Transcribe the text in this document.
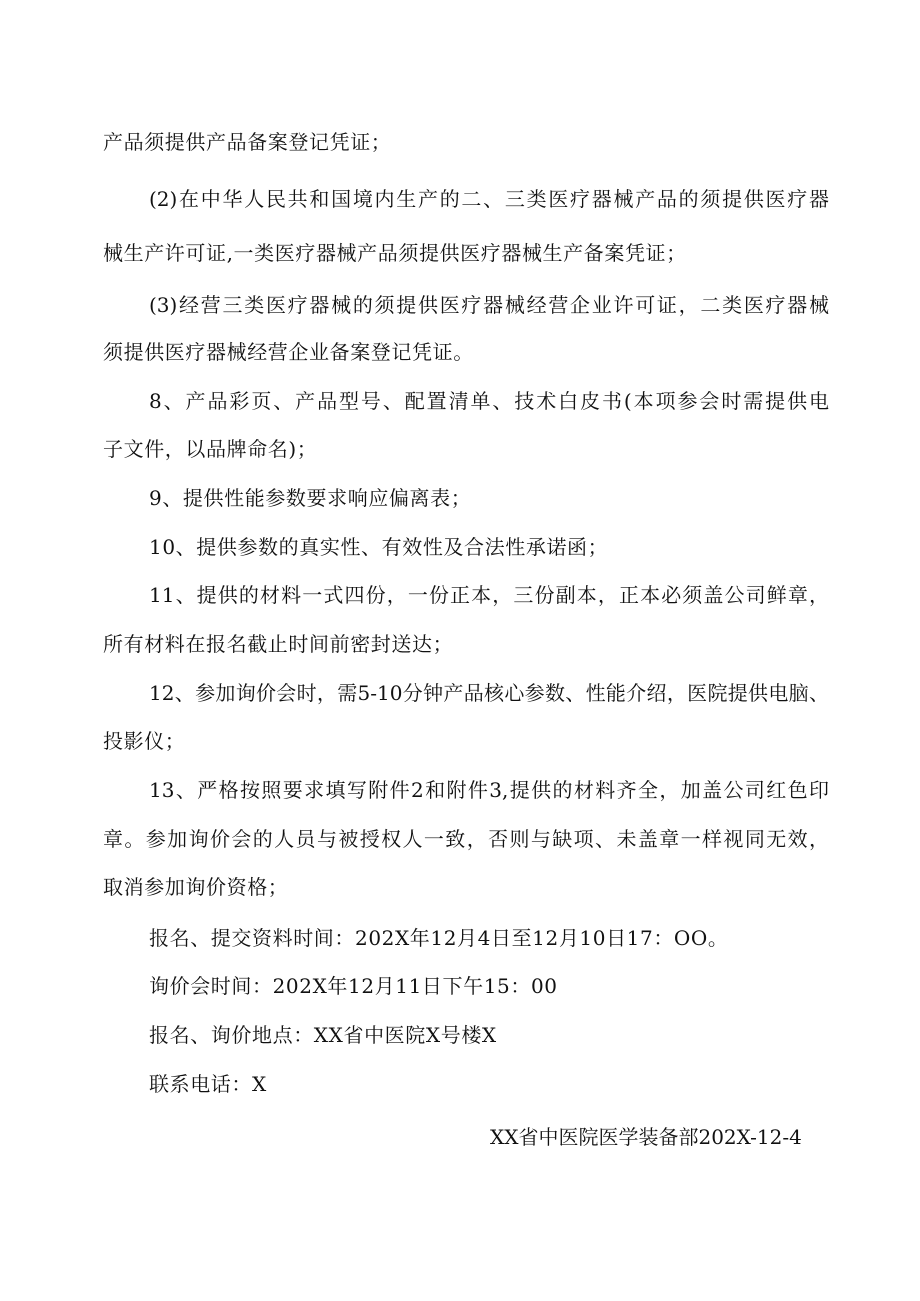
产品须提供产品备案登记凭证；
(2)在中华人民共和国境内生产的二、三类医疗器械产品的须提供医疗器
械生产许可证,一类医疗器械产品须提供医疗器械生产备案凭证；
(3)经营三类医疗器械的须提供医疗器械经营企业许可证，二类医疗器械
须提供医疗器械经营企业备案登记凭证。
8、产品彩页、产品型号、配置清单、技术白皮书(本项参会时需提供电
子文件，以品牌命名)；
9、提供性能参数要求响应偏离表；
10、提供参数的真实性、有效性及合法性承诺函；
11、提供的材料一式四份，一份正本，三份副本，正本必须盖公司鲜章，
所有材料在报名截止时间前密封送达；
12、参加询价会时，需5-10分钟产品核心参数、性能介绍，医院提供电脑、
投影仪；
13、严格按照要求填写附件2和附件3,提供的材料齐全，加盖公司红色印
章。参加询价会的人员与被授权人一致，否则与缺项、未盖章一样视同无效，
取消参加询价资格；
报名、提交资料时间：202X年12月4日至12月10日17：OO。
询价会时间：202X年12月11日下午15：00
报名、询价地点：XX省中医院X号楼X
联系电话：X
XX省中医院医学装备部202X-12-4
